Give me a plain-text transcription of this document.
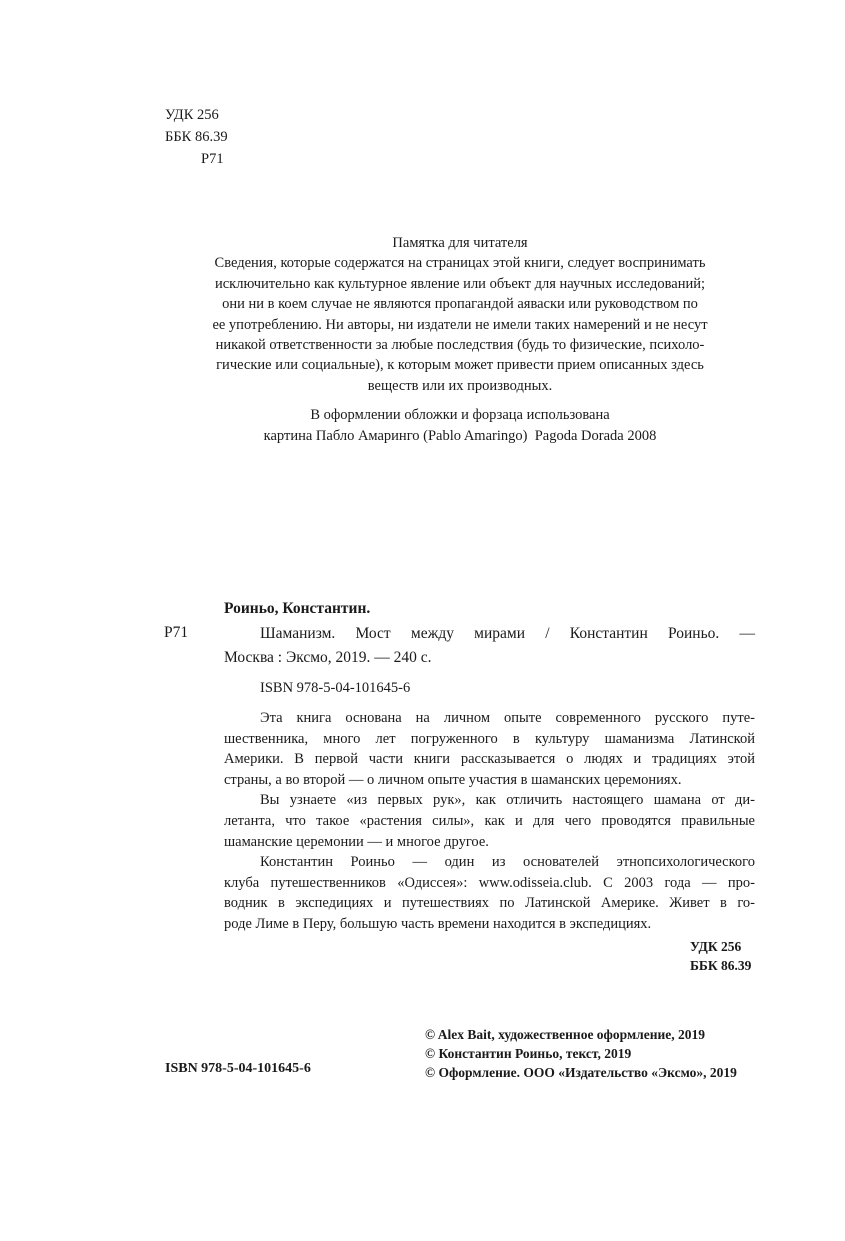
УДК 256
ББК 86.39
Р71
Памятка для читателя
Сведения, которые содержатся на страницах этой книги, следует воспринимать
исключительно как культурное явление или объект для научных исследований;
они ни в коем случае не являются пропагандой аяваски или руководством по
ее употреблению. Ни авторы, ни издатели не имели таких намерений и не несут
никакой ответственности за любые последствия (будь то физические, психоло-
гические или социальные), к которым может привести прием описанных здесь
веществ или их производных.
В оформлении обложки и форзаца использована
картина Пабло Амаринго (Pablo Amaringo)  Pagoda Dorada 2008
Роиньо, Константин.
Р71	Шаманизм. Мост между мирами / Константин Роиньо. —
Москва : Эксмо, 2019. — 240 с.
ISBN 978-5-04-101645-6
Эта книга основана на личном опыте современного русского путе-
шественника, много лет погруженного в культуру шаманизма Латинской
Америки. В первой части книги рассказывается о людях и традициях этой
страны, а во второй — о личном опыте участия в шаманских церемониях.
Вы узнаете «из первых рук», как отличить настоящего шамана от ди-
летанта, что такое «растения силы», как и для чего проводятся правильные
шаманские церемонии — и многое другое.
Константин Роиньо — один из основателей этнопсихологического
клуба путешественников «Одиссея»: www.odisseia.club. С 2003 года — про-
водник в экспедициях и путешествиях по Латинской Америке. Живет в го-
роде Лиме в Перу, большую часть времени находится в экспедициях.
УДК 256
ББК 86.39
ISBN 978-5-04-101645-6
© Alex Bait, художественное оформление, 2019
© Константин Роиньо, текст, 2019
© Оформление. ООО «Издательство «Эксмо», 2019
